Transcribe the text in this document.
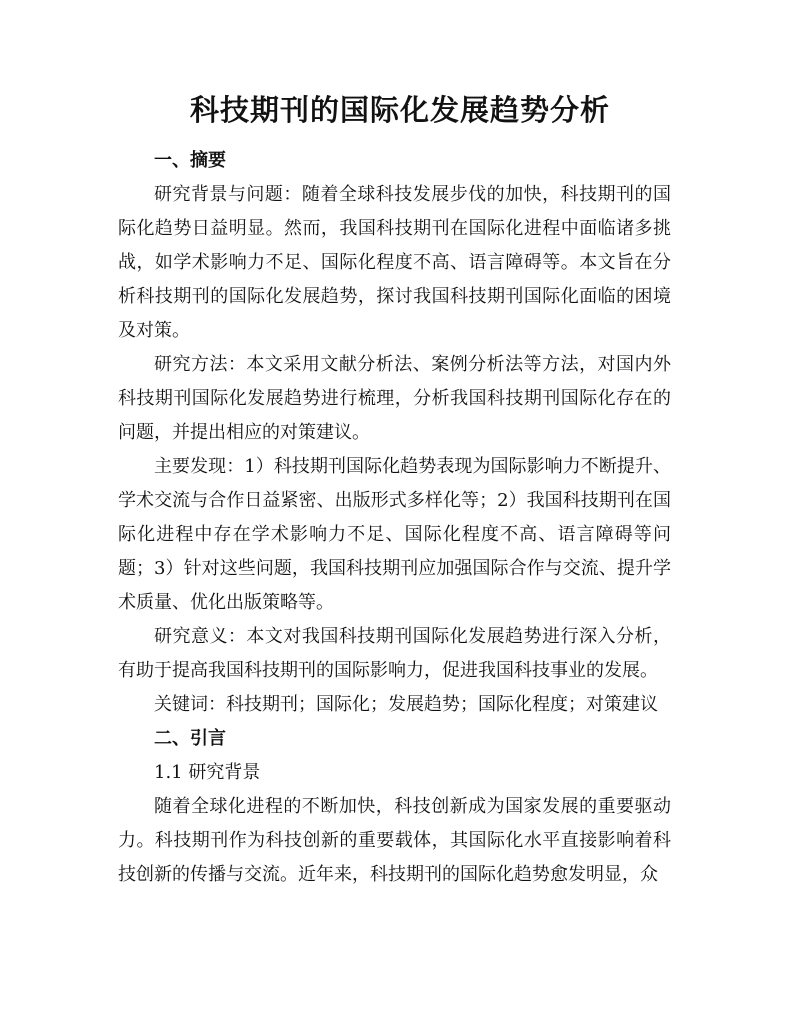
科技期刊的国际化发展趋势分析

一、摘要

研究背景与问题：随着全球科技发展步伐的加快，科技期刊的国际化趋势日益明显。然而，我国科技期刊在国际化进程中面临诸多挑战，如学术影响力不足、国际化程度不高、语言障碍等。本文旨在分析科技期刊的国际化发展趋势，探讨我国科技期刊国际化面临的困境及对策。

研究方法：本文采用文献分析法、案例分析法等方法，对国内外科技期刊国际化发展趋势进行梳理，分析我国科技期刊国际化存在的问题，并提出相应的对策建议。

主要发现：1）科技期刊国际化趋势表现为国际影响力不断提升、学术交流与合作日益紧密、出版形式多样化等；2）我国科技期刊在国际化进程中存在学术影响力不足、国际化程度不高、语言障碍等问题；3）针对这些问题，我国科技期刊应加强国际合作与交流、提升学术质量、优化出版策略等。

研究意义：本文对我国科技期刊国际化发展趋势进行深入分析，有助于提高我国科技期刊的国际影响力，促进我国科技事业的发展。

关键词：科技期刊；国际化；发展趋势；国际化程度；对策建议

二、引言

1.1 研究背景

随着全球化进程的不断加快，科技创新成为国家发展的重要驱动力。科技期刊作为科技创新的重要载体，其国际化水平直接影响着科技创新的传播与交流。近年来，科技期刊的国际化趋势愈发明显，众
